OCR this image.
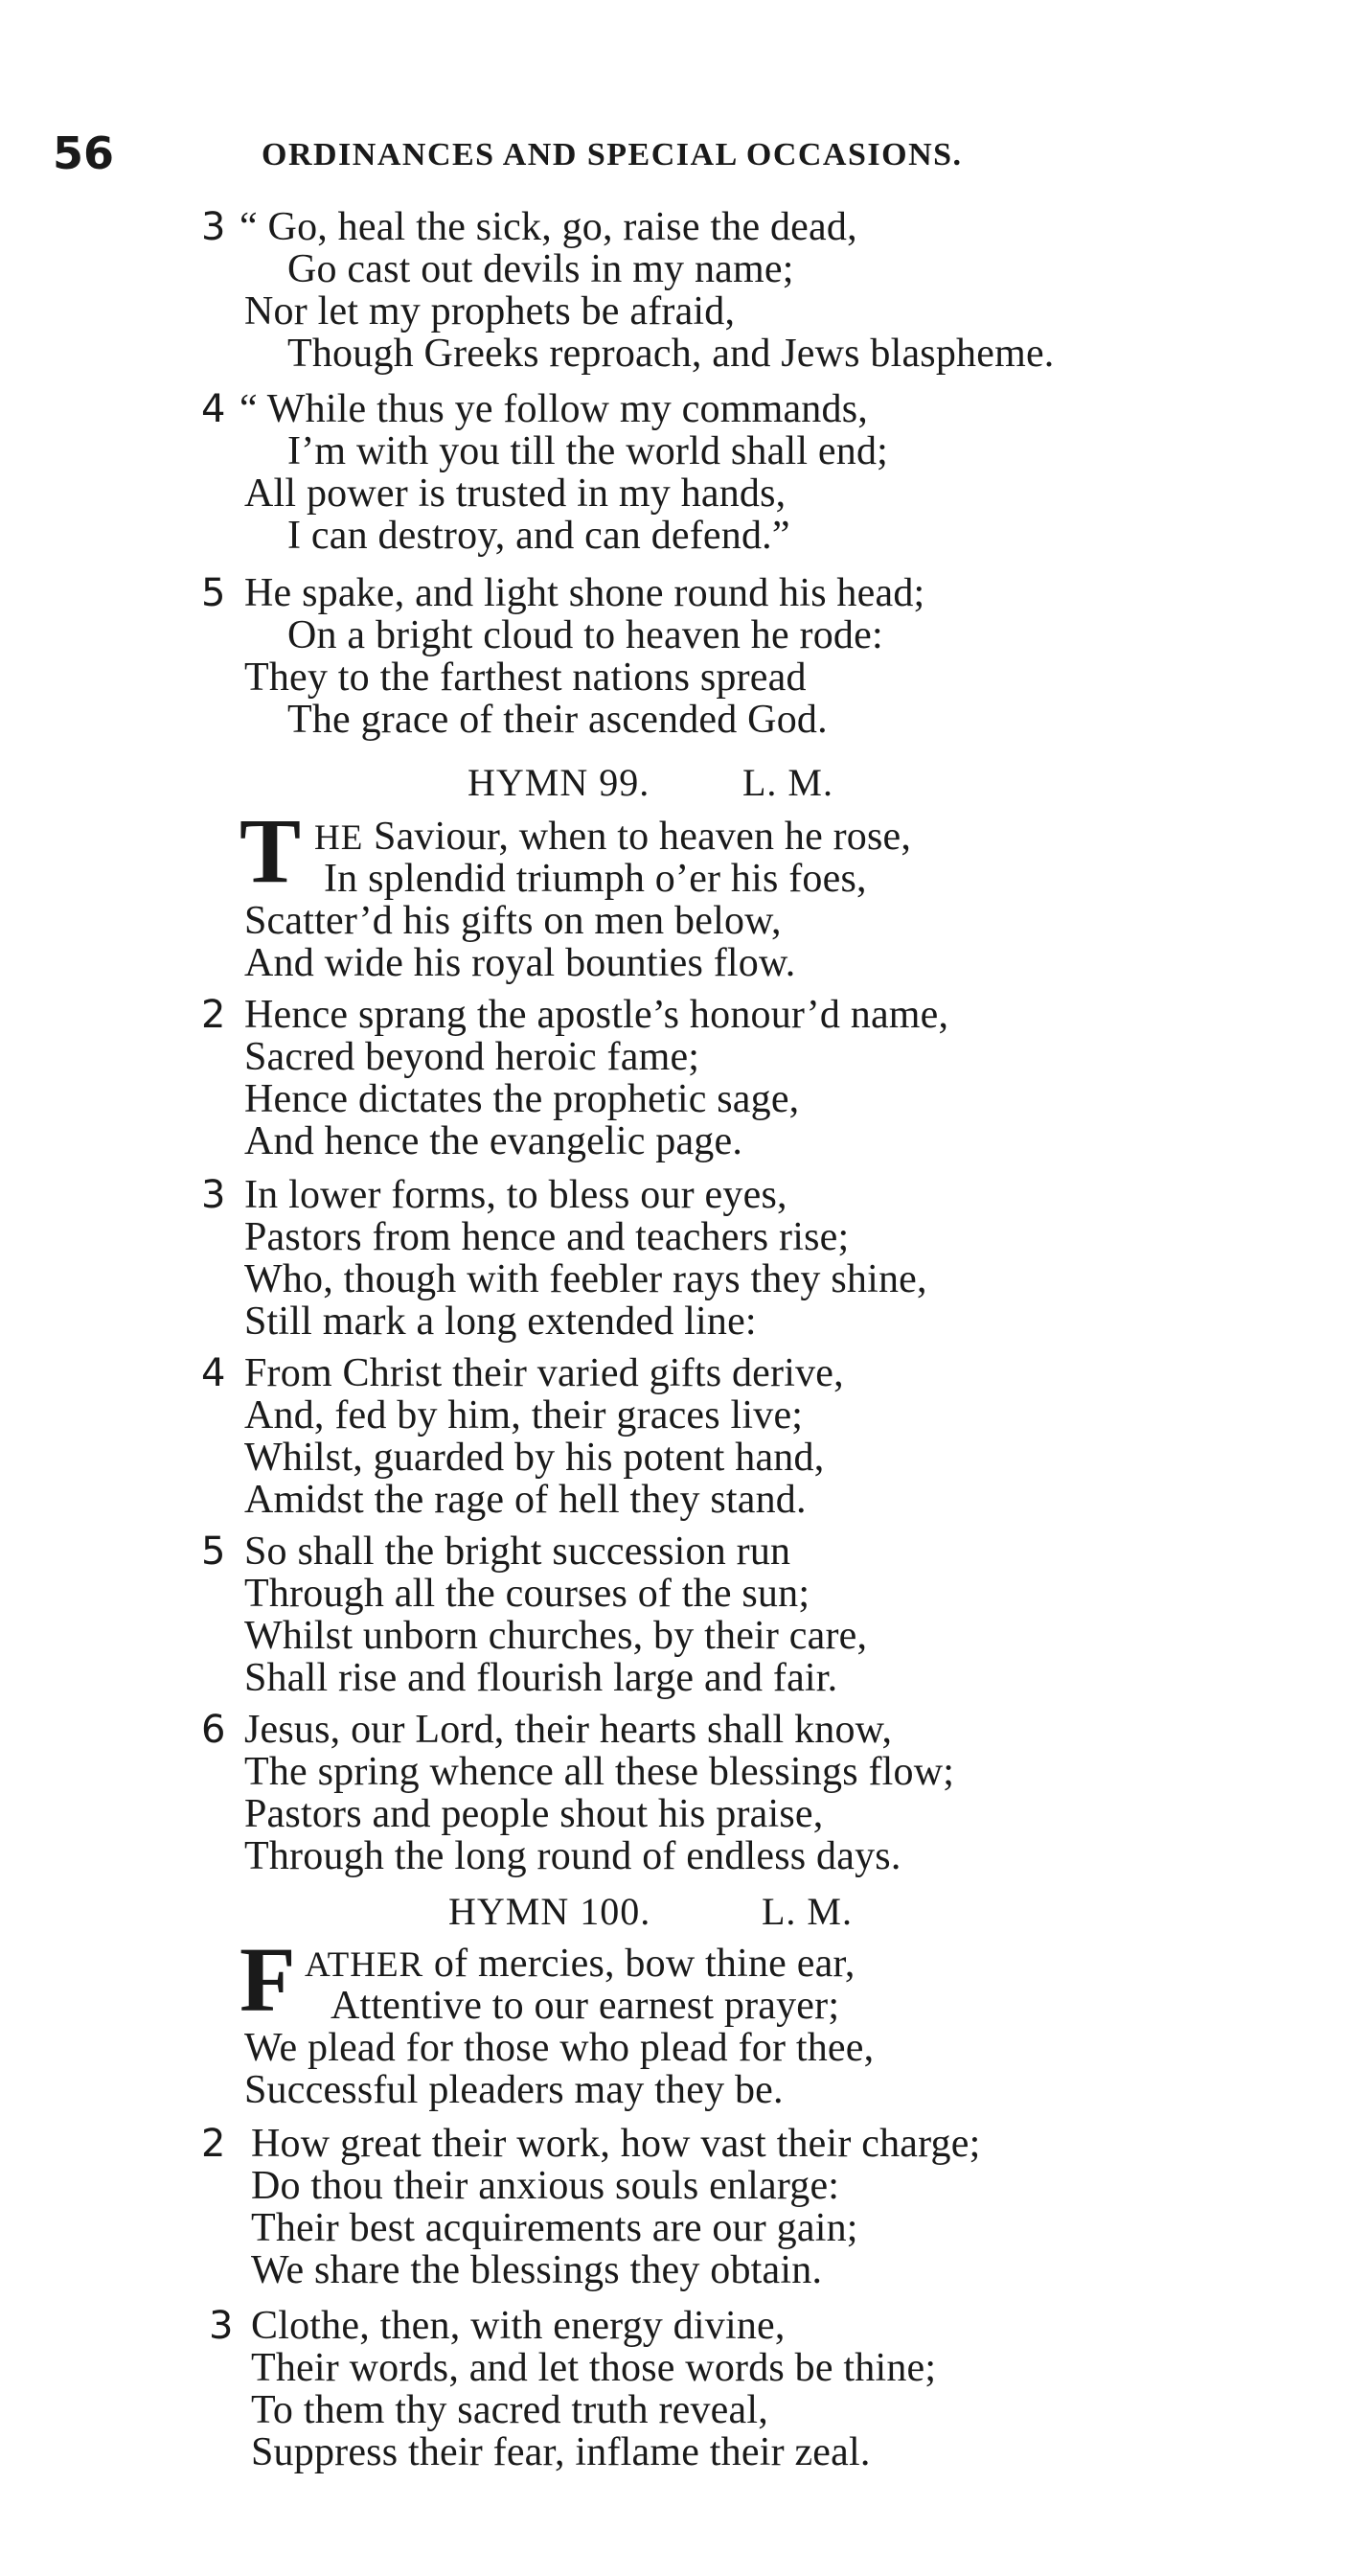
56	ORDINANCES AND SPECIAL OCCASIONS.
3 “ Go, heal the sick, go, raise the dead,
Go cast out devils in my name;
Nor let my prophets be afraid,
Though Greeks reproach, and Jews blaspheme.
4 “ While thus ye follow my commands,
I’m with you till the world shall end;
All power is trusted in my hands,
I can destroy, and can defend.”
5 He spake, and light shone round his head;
On a bright cloud to heaven he rode:
They to the farthest nations spread
The grace of their ascended God.
HYMN 99. L. M.
T HE Saviour, when to heaven he rose,
In splendid triumph o’er his foes,
Scatter’d his gifts on men below,
And wide his royal bounties flow.
2 Hence sprang the apostle’s honour’d name,
Sacred beyond heroic fame;
Hence dictates the prophetic sage,
And hence the evangelic page.
3 In lower forms, to bless our eyes,
Pastors from hence and teachers rise;
Who, though with feebler rays they shine,
Still mark a long extended line:
4 From Christ their varied gifts derive,
And, fed by him, their graces live;
Whilst, guarded by his potent hand,
Amidst the rage of hell they stand.
5 So shall the bright succession run
Through all the courses of the sun;
Whilst unborn churches, by their care,
Shall rise and flourish large and fair.
6 Jesus, our Lord, their hearts shall know,
The spring whence all these blessings flow;
Pastors and people shout his praise,
Through the long round of endless days.
HYMN 100.	L. M.
F ATHER of mercies, bow thine ear,
Attentive to our earnest prayer;
We plead for those who plead for thee,
Successful pleaders may they be.
2 How great their work, how vast their charge;
Do thou their anxious souls enlarge:
Their best acquirements are our gain;
We share the blessings they obtain.
3 Clothe, then, with energy divine,
Their words, and let those words be thine;
To them thy sacred truth reveal,
Suppress their fear, inflame their zeal.
